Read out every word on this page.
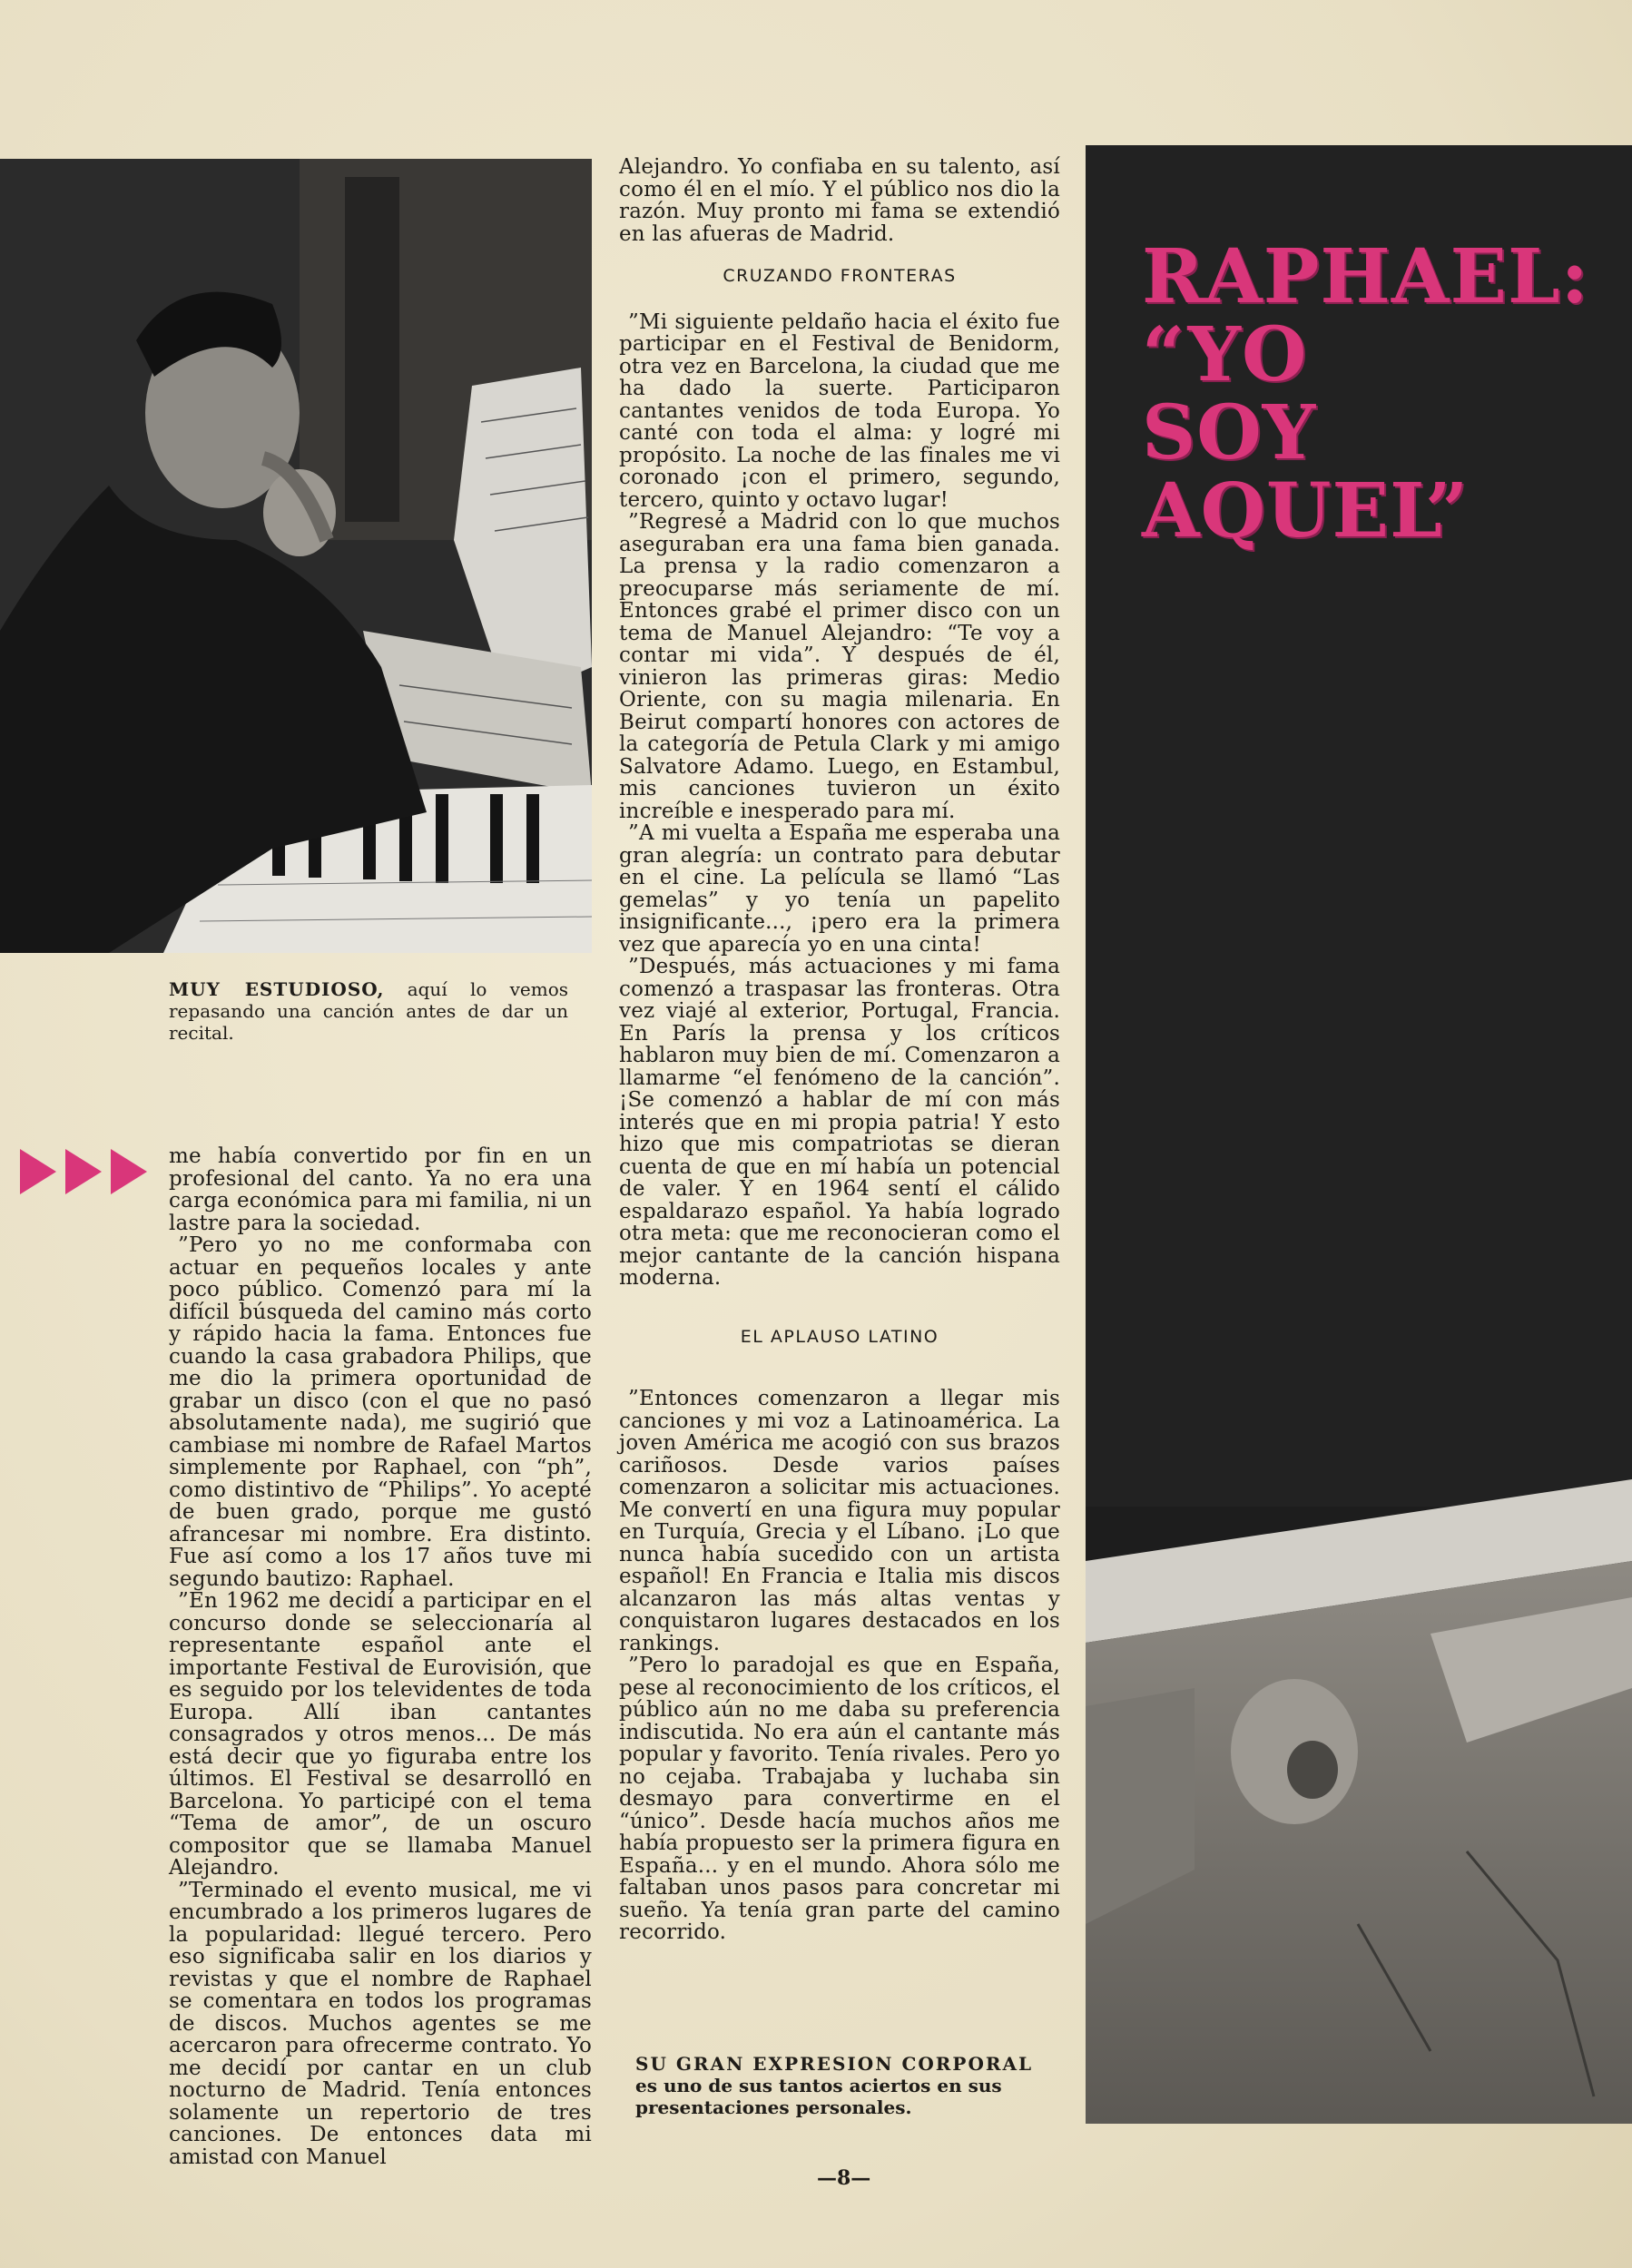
MUY ESTUDIOSO, aquí lo vemos repasando una canción antes de dar un recital.

me había convertido por fin en un profesional del canto. Ya no era una carga económica para mi familia, ni un lastre para la sociedad.

”Pero yo no me conformaba con actuar en pequeños locales y ante poco público. Comenzó para mí la difícil búsqueda del camino más corto y rápido hacia la fama. Entonces fue cuando la casa grabadora Philips, que me dio la primera oportunidad de grabar un disco (con el que no pasó absolutamente nada), me sugirió que cambiase mi nombre de Rafael Martos simplemente por Raphael, con “ph”, como distintivo de “Philips”. Yo acepté de buen grado, porque me gustó afrancesar mi nombre. Era distinto. Fue así como a los 17 años tuve mi segundo bautizo: Raphael.

”En 1962 me decidí a participar en el concurso donde se seleccionaría al representante español ante el importante Festival de Eurovisión, que es seguido por los televidentes de toda Europa. Allí iban cantantes consagrados y otros menos... De más está decir que yo figuraba entre los últimos. El Festival se desarrolló en Barcelona. Yo participé con el tema “Tema de amor”, de un oscuro compositor que se llamaba Manuel Alejandro.

”Terminado el evento musical, me vi encumbrado a los primeros lugares de la popularidad: llegué tercero. Pero eso significaba salir en los diarios y revistas y que el nombre de Raphael se comentara en todos los programas de discos. Muchos agentes se me acercaron para ofrecerme contrato. Yo me decidí por cantar en un club nocturno de Madrid. Tenía entonces solamente un repertorio de tres canciones. De entonces data mi amistad con Manuel

Alejandro. Yo confiaba en su talento, así como él en el mío. Y el público nos dio la razón. Muy pronto mi fama se extendió en las afueras de Madrid.

CRUZANDO FRONTERAS

”Mi siguiente peldaño hacia el éxito fue participar en el Festival de Benidorm, otra vez en Barcelona, la ciudad que me ha dado la suerte. Participaron cantantes venidos de toda Europa. Yo canté con toda el alma: y logré mi propósito. La noche de las finales me vi coronado ¡con el primero, segundo, tercero, quinto y octavo lugar!

”Regresé a Madrid con lo que muchos aseguraban era una fama bien ganada. La prensa y la radio comenzaron a preocuparse más seriamente de mí. Entonces grabé el primer disco con un tema de Manuel Alejandro: “Te voy a contar mi vida”. Y después de él, vinieron las primeras giras: Medio Oriente, con su magia milenaria. En Beirut compartí honores con actores de la categoría de Petula Clark y mi amigo Salvatore Adamo. Luego, en Estambul, mis canciones tuvieron un éxito increíble e inesperado para mí.

”A mi vuelta a España me esperaba una gran alegría: un contrato para debutar en el cine. La película se llamó “Las gemelas” y yo tenía un papelito insignificante..., ¡pero era la primera vez que aparecía yo en una cinta!

”Después, más actuaciones y mi fama comenzó a traspasar las fronteras. Otra vez viajé al exterior, Portugal, Francia. En París la prensa y los críticos hablaron muy bien de mí. Comenzaron a llamarme “el fenómeno de la canción”. ¡Se comenzó a hablar de mí con más interés que en mi propia patria! Y esto hizo que mis compatriotas se dieran cuenta de que en mí había un potencial de valer. Y en 1964 sentí el cálido espaldarazo español. Ya había logrado otra meta: que me reconocieran como el mejor cantante de la canción hispana moderna.

EL APLAUSO LATINO

”Entonces comenzaron a llegar mis canciones y mi voz a Latinoamérica. La joven América me acogió con sus brazos cariñosos. Desde varios países comenzaron a solicitar mis actuaciones. Me convertí en una figura muy popular en Turquía, Grecia y el Líbano. ¡Lo que nunca había sucedido con un artista español! En Francia e Italia mis discos alcanzaron las más altas ventas y conquistaron lugares destacados en los rankings.

”Pero lo paradojal es que en España, pese al reconocimiento de los críticos, el público aún no me daba su preferencia indiscutida. No era aún el cantante más popular y favorito. Tenía rivales. Pero yo no cejaba. Trabajaba y luchaba sin desmayo para convertirme en el “único”. Desde hacía muchos años me había propuesto ser la primera figura en España... y en el mundo. Ahora sólo me faltaban unos pasos para concretar mi sueño. Ya tenía gran parte del camino recorrido.

RAPHAEL:
“YO
SOY
AQUEL”
SU GRAN EXPRESION CORPORAL
es uno de sus tantos aciertos en sus presentaciones personales.
—8—
